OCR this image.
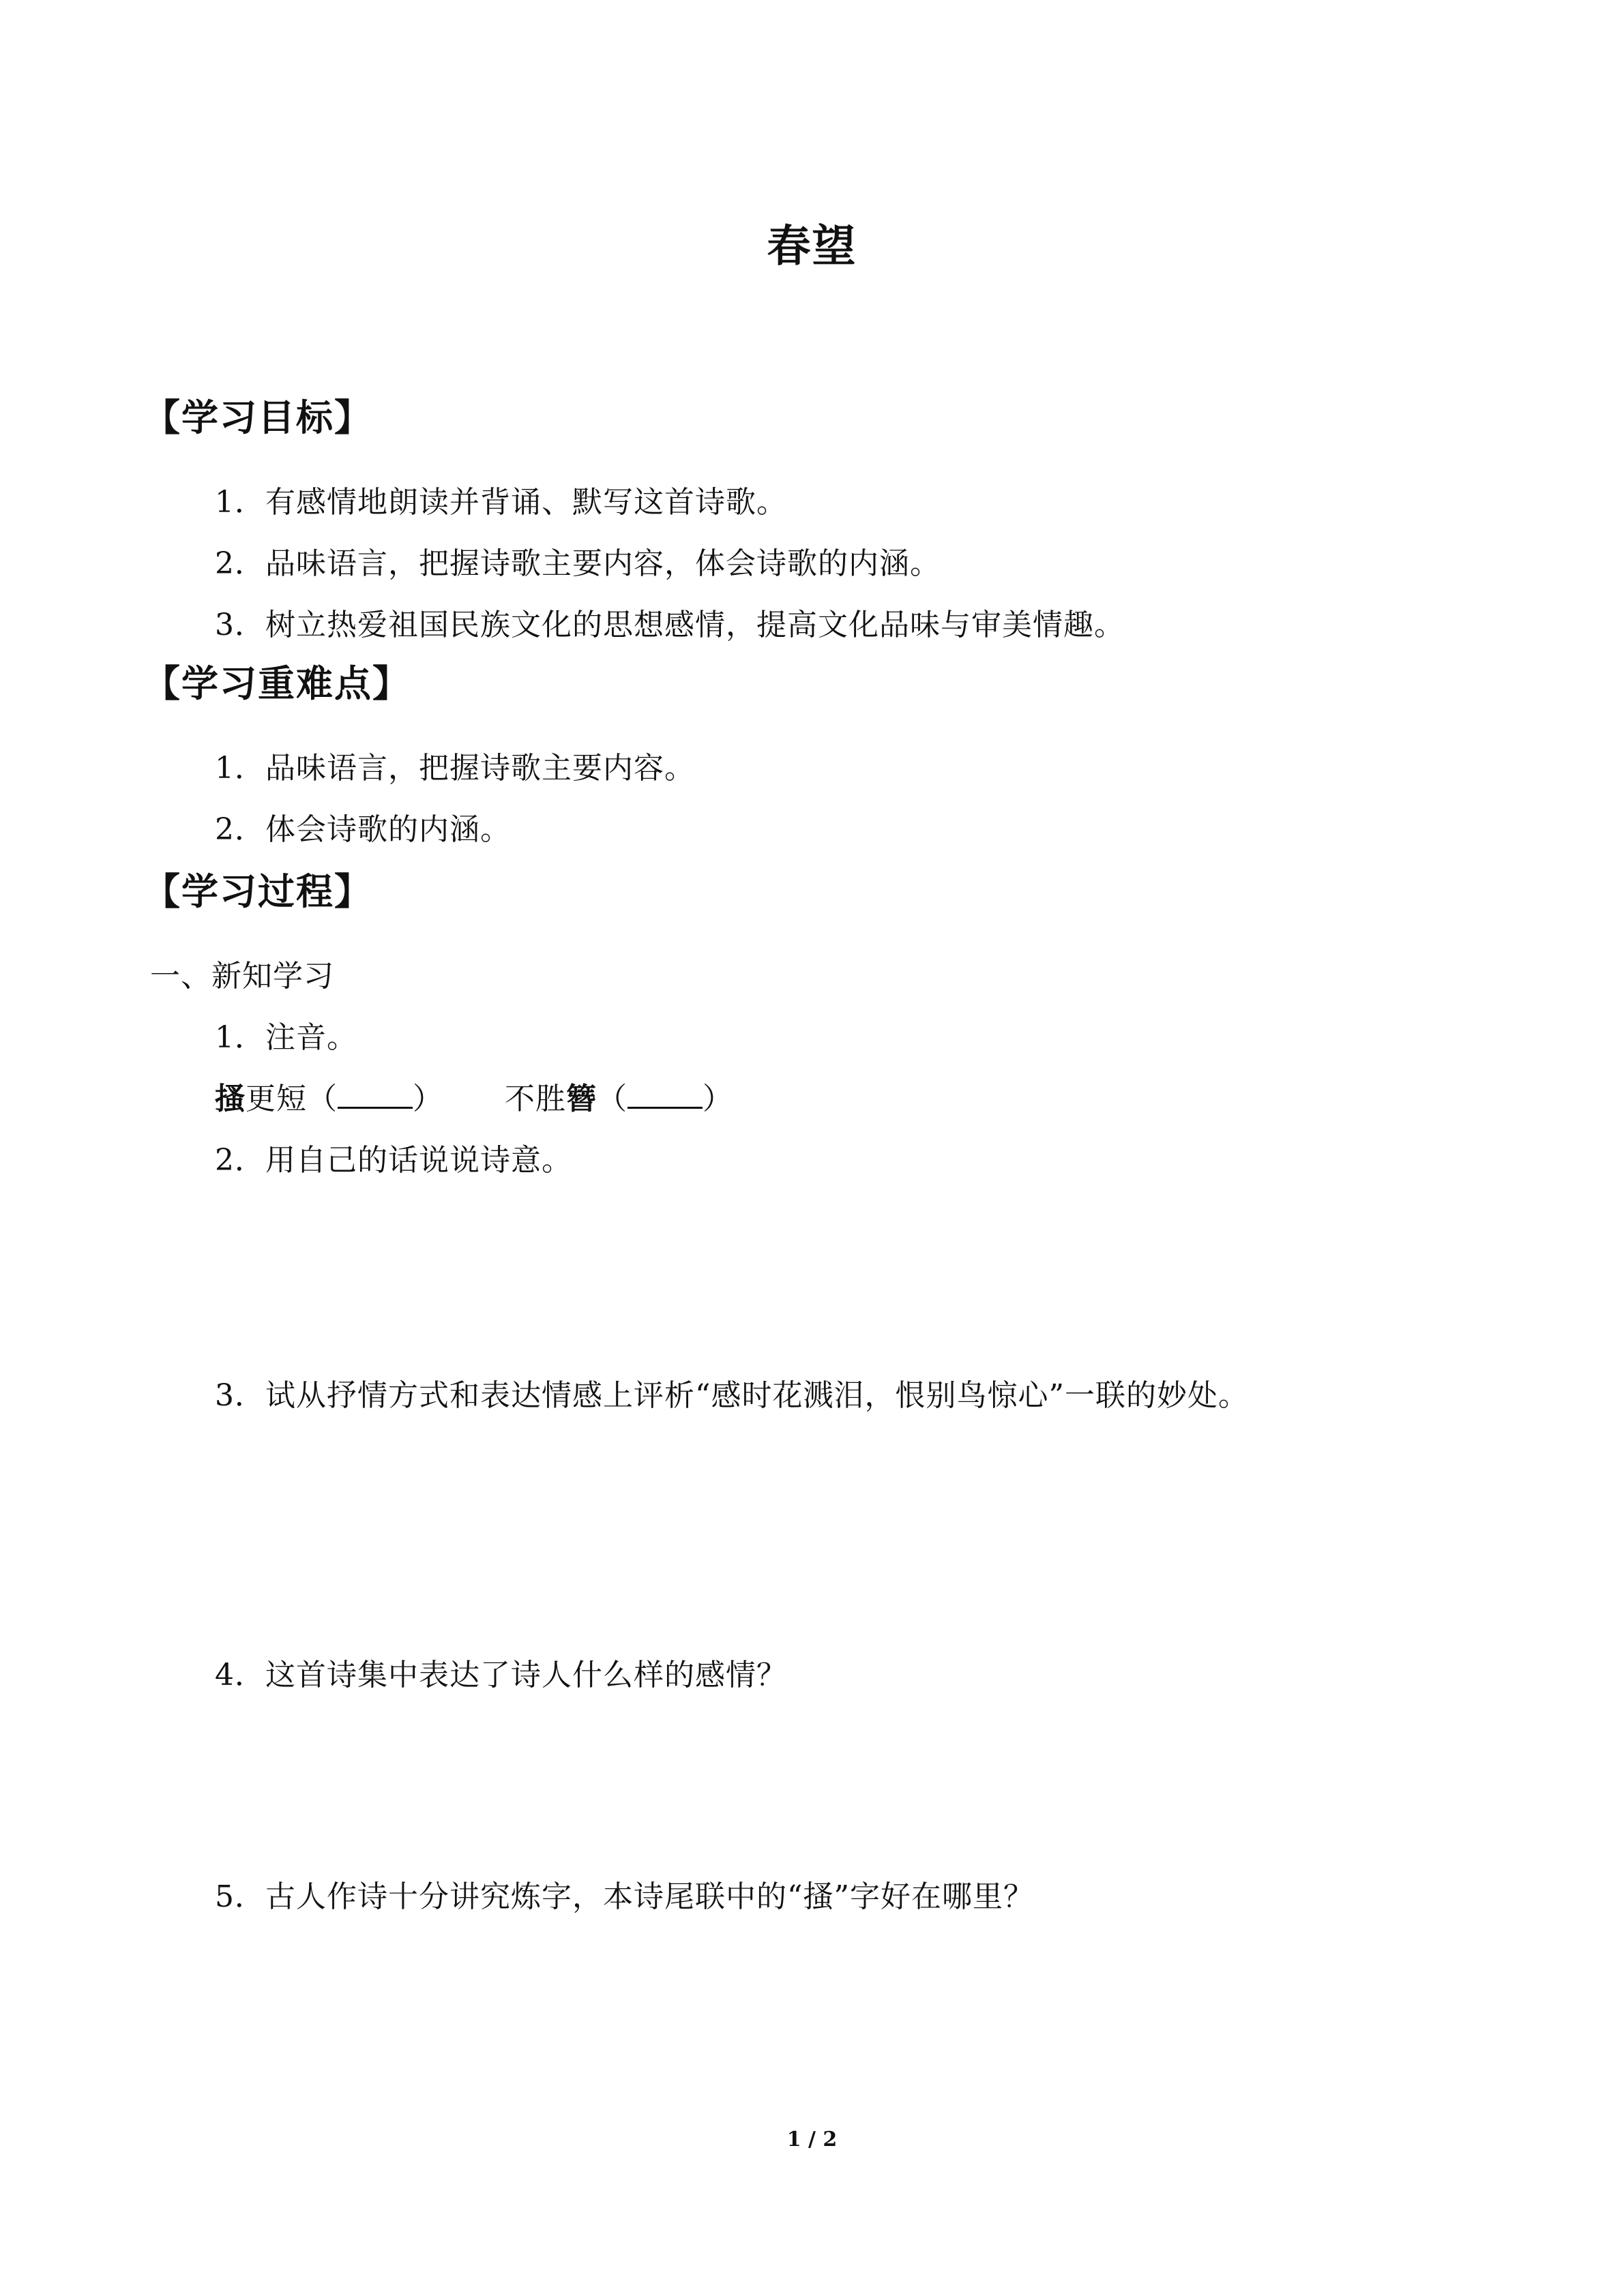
春望
【学习目标】
1．有感情地朗读并背诵、默写这首诗歌。
2．品味语言，把握诗歌主要内容，体会诗歌的内涵。
3．树立热爱祖国民族文化的思想感情，提高文化品味与审美情趣。
【学习重难点】
1．品味语言，把握诗歌主要内容。
2．体会诗歌的内涵。
【学习过程】
一、新知学习
1．注音。
搔更短（	） 不胜簪（	）
2．用自己的话说说诗意。
3．试从抒情方式和表达情感上评析“感时花溅泪，恨别鸟惊心”一联的妙处。
4．这首诗集中表达了诗人什么样的感情？
5．古人作诗十分讲究炼字，本诗尾联中的“搔”字好在哪里？
1 / 2
